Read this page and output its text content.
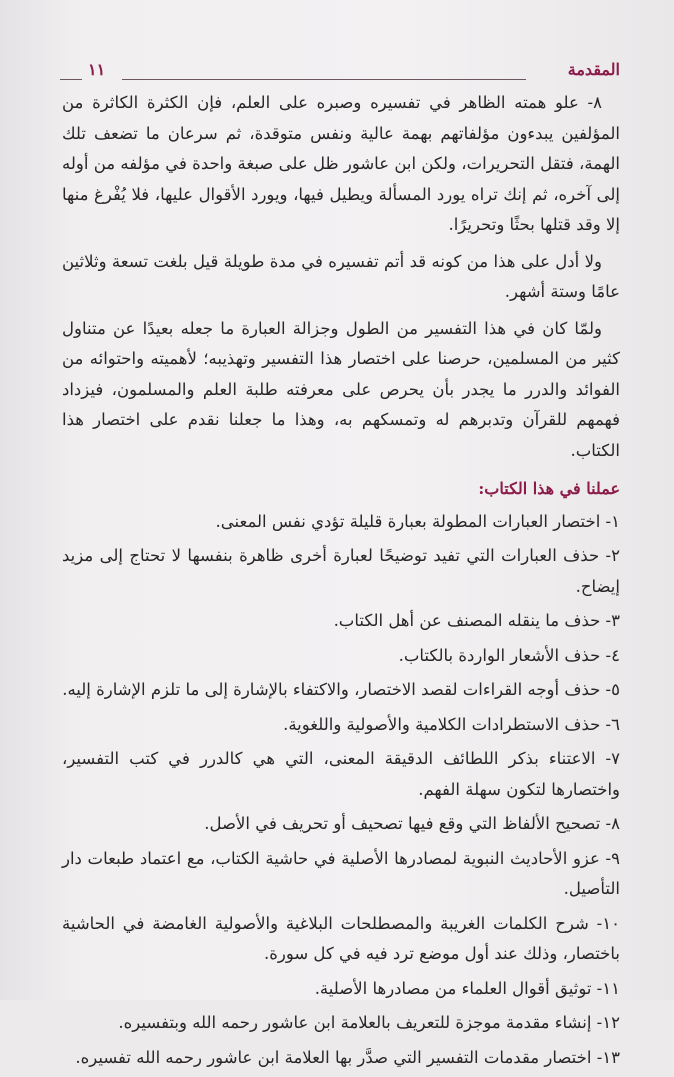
١١	المقدمة

٨- علو همته الظاهر في تفسيره وصبره على العلم، فإن الكثرة الكاثرة من المؤلفين يبدءون مؤلفاتهم بهمة عالية ونفس متوقدة، ثم سرعان ما تضعف تلك الهمة، فتقل التحريرات، ولكن ابن عاشور ظل على صبغة واحدة في مؤلفه من أوله إلى آخره، ثم إنك تراه يورد المسألة ويطيل فيها، ويورد الأقوال عليها، فلا يُفْرغ منها إلا وقد قتلها بحثًا وتحريرًا.

ولا أدل على هذا من كونه قد أتم تفسيره في مدة طويلة قيل بلغت تسعة وثلاثين عامًا وستة أشهر.

ولمّا كان في هذا التفسير من الطول وجزالة العبارة ما جعله بعيدًا عن متناول كثير من المسلمين، حرصنا على اختصار هذا التفسير وتهذيبه؛ لأهميته واحتوائه من الفوائد والدرر ما يجدر بأن يحرص على معرفته طلبة العلم والمسلمون، فيزداد فهمهم للقرآن وتدبرهم له وتمسكهم به، وهذا ما جعلنا نقدم على اختصار هذا الكتاب.

عملنا في هذا الكتاب:

١- اختصار العبارات المطولة بعبارة قليلة تؤدي نفس المعنى.

٢- حذف العبارات التي تفيد توضيحًا لعبارة أخرى ظاهرة بنفسها لا تحتاج إلى مزيد إيضاح.

٣- حذف ما ينقله المصنف عن أهل الكتاب.

٤- حذف الأشعار الواردة بالكتاب.

٥- حذف أوجه القراءات لقصد الاختصار، والاكتفاء بالإشارة إلى ما تلزم الإشارة إليه.

٦- حذف الاستطرادات الكلامية والأصولية واللغوية.

٧- الاعتناء بذكر اللطائف الدقيقة المعنى، التي هي كالدرر في كتب التفسير، واختصارها لتكون سهلة الفهم.

٨- تصحيح الألفاظ التي وقع فيها تصحيف أو تحريف في الأصل.

٩- عزو الأحاديث النبوية لمصادرها الأصلية في حاشية الكتاب، مع اعتماد طبعات دار التأصيل.

١٠- شرح الكلمات الغريبة والمصطلحات البلاغية والأصولية الغامضة في الحاشية باختصار، وذلك عند أول موضع ترد فيه في كل سورة.

١١- توثيق أقوال العلماء من مصادرها الأصلية.

١٢- إنشاء مقدمة موجزة للتعريف بالعلامة ابن عاشور رحمه الله وبتفسيره.

١٣- اختصار مقدمات التفسير التي صدَّر بها العلامة ابن عاشور رحمه الله تفسيره.
